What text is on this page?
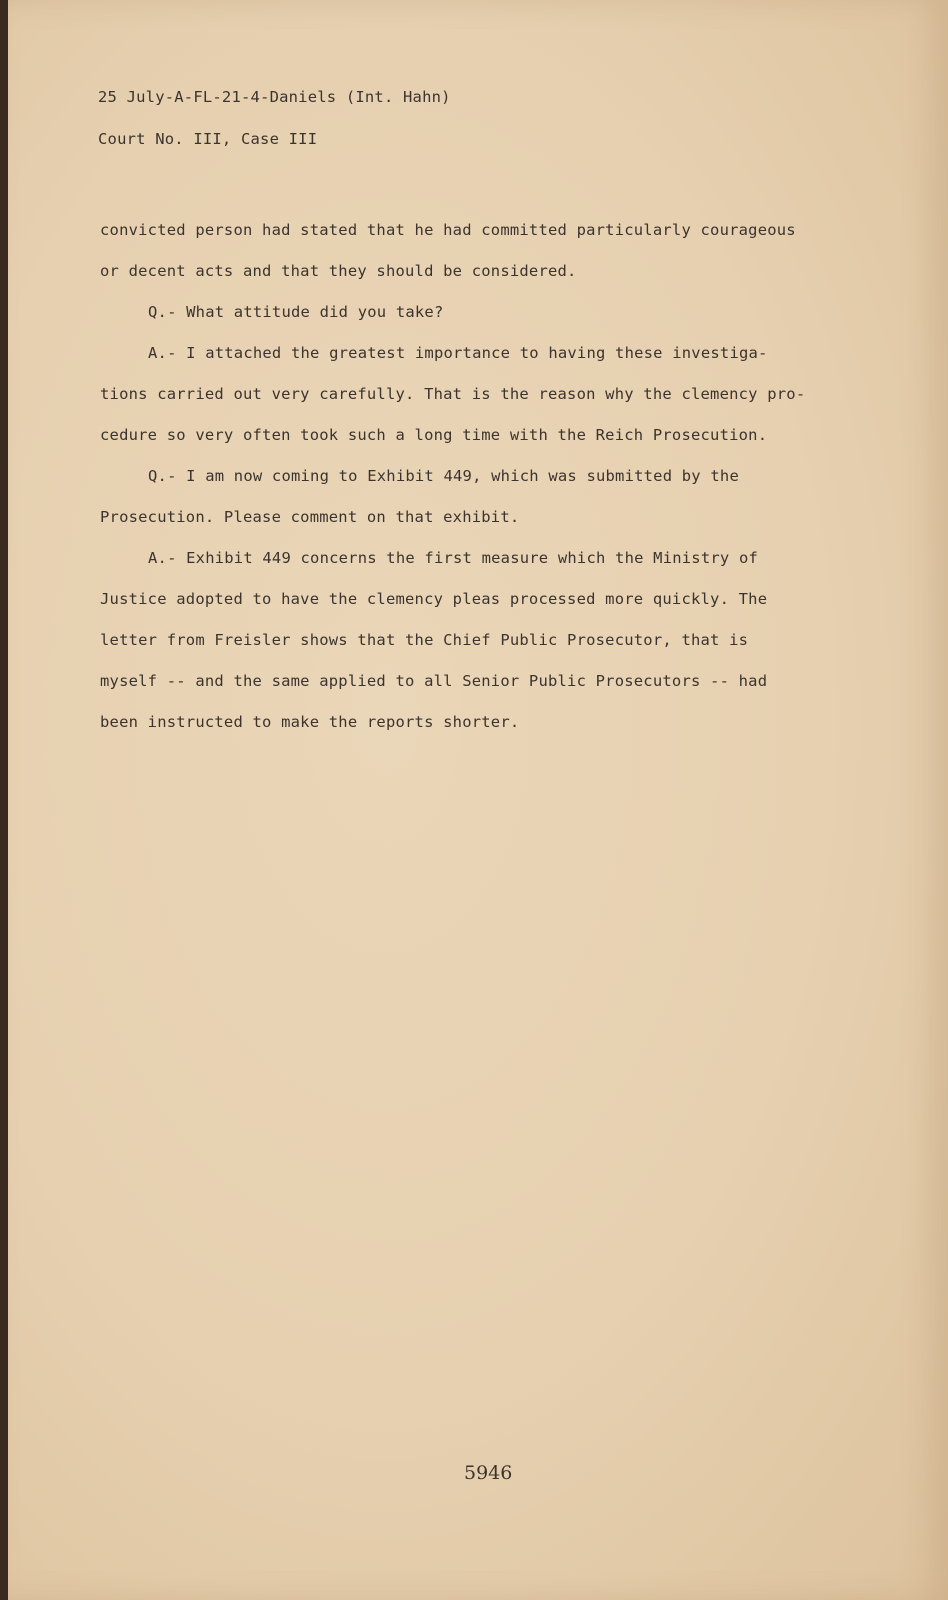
25 July-A-FL-21-4-Daniels (Int. Hahn)
Court No. III, Case III
convicted person had stated that he had committed particularly courageous
or decent acts and that they should be considered.
Q.- What attitude did you take?
A.- I attached the greatest importance to having these investiga-
tions carried out very carefully. That is the reason why the clemency pro-
cedure so very often took such a long time with the Reich Prosecution.
Q.- I am now coming to Exhibit 449, which was submitted by the
Prosecution. Please comment on that exhibit.
A.- Exhibit 449 concerns the first measure which the Ministry of
Justice adopted to have the clemency pleas processed more quickly. The
letter from Freisler shows that the Chief Public Prosecutor, that is
myself -- and the same applied to all Senior Public Prosecutors -- had
been instructed to make the reports shorter.
5946
